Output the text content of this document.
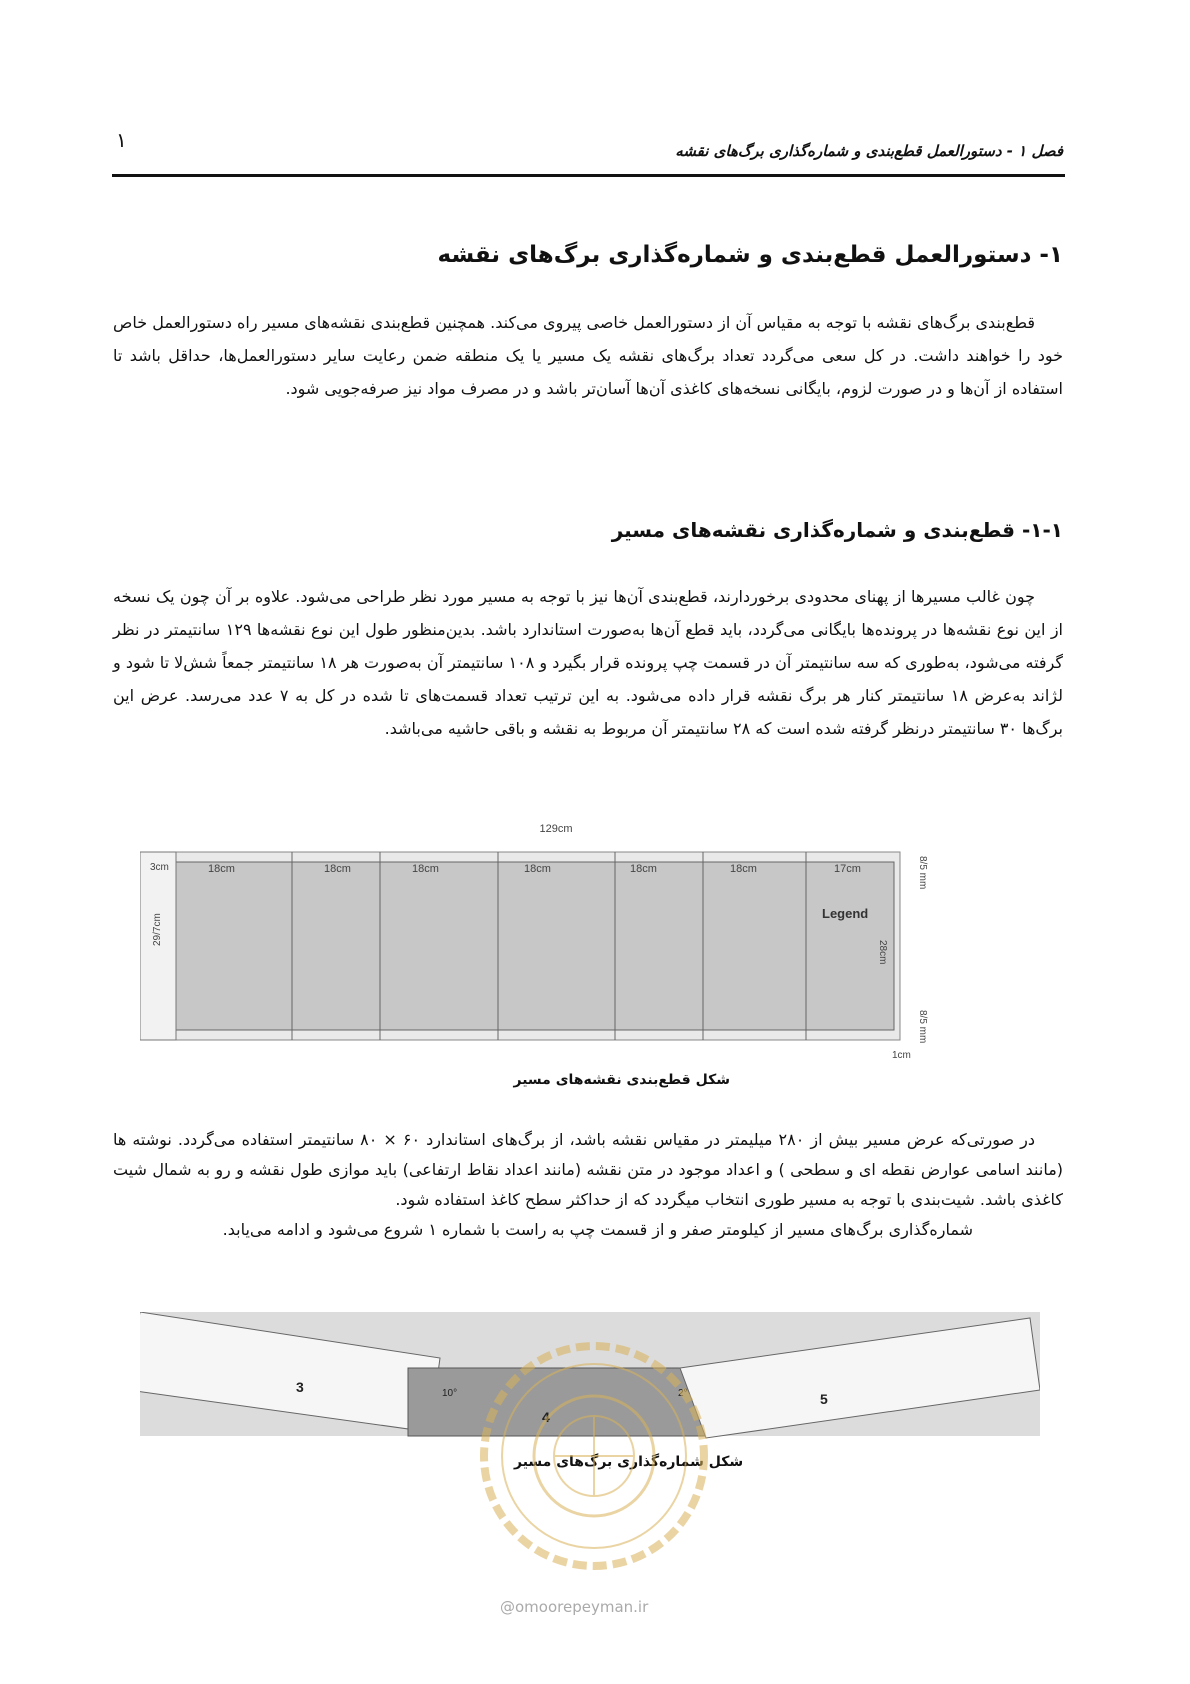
۱	فصل ۱ - دستورالعمل قطع‌بندی و شماره‌گذاری برگ‌های نقشه
۱- دستورالعمل قطع‌بندی و شماره‌گذاری برگ‌های نقشه

قطع‌بندی برگ‌های نقشه با توجه به مقیاس آن از دستورالعمل خاصی پیروی می‌کند. همچنین قطع‌بندی نقشه‌های مسیر راه دستورالعمل خاص خود را خواهند داشت. در کل سعی می‌گردد تعداد برگ‌های نقشه یک مسیر یا یک منطقه ضمن رعایت سایر دستورالعمل‌ها، حداقل باشد تا استفاده از آن‌ها و در صورت لزوم، بایگانی نسخه‌های کاغذی آن‌ها آسان‌تر باشد و در مصرف مواد نیز صرفه‌جویی شود.

۱-۱- قطع‌بندی و شماره‌گذاری نقشه‌های مسیر

چون غالب مسیرها از پهنای محدودی برخوردارند، قطع‌بندی آن‌ها نیز با توجه به مسیر مورد نظر طراحی می‌شود. علاوه بر آن چون یک نسخه از این نوع نقشه‌ها در پرونده‌ها بایگانی می‌گردد، باید قطع آن‌ها به‌صورت استاندارد باشد. بدین‌منظور طول این نوع نقشه‌ها ۱۲۹ سانتیمتر در نظر گرفته می‌شود، به‌طوری که سه سانتیمتر آن در قسمت چپ پرونده قرار بگیرد و ۱۰۸ سانتیمتر آن به‌صورت هر ۱۸ سانتیمتر جمعاً شش‌لا تا شود و لژاند به‌عرض ۱۸ سانتیمتر کنار هر برگ نقشه قرار داده می‌شود. به این ترتیب تعداد قسمت‌های تا شده در کل به ۷ عدد می‌رسد. عرض این برگ‌ها ۳۰ سانتیمتر درنظر گرفته شده است که ۲۸ سانتیمتر آن مربوط به نقشه و باقی حاشیه می‌باشد.

129cm
3cm
29/7cm
18cm	18cm	18cm	18cm	18cm	18cm	17cm
Legend
28cm
8/5 mm
8/5 mm
1cm
شکل قطع‌بندی نقشه‌های مسیر

در صورتی‌که عرض مسیر بیش از ۲۸۰ میلیمتر در مقیاس نقشه باشد، از برگ‌های استاندارد ۶۰ × ۸۰ سانتیمتر استفاده می‌گردد. نوشته ها (مانند اسامی عوارض نقطه ای و سطحی ) و اعداد موجود در متن نقشه (مانند اعداد نقاط ارتفاعی) باید موازی طول نقشه و رو به شمال شیت کاغذی باشد. شیت‌بندی با توجه به مسیر طوری انتخاب میگردد که از حداکثر سطح کاغذ استفاده شود.

شماره‌گذاری برگ‌های مسیر از کیلومتر صفر و از قسمت چپ به راست با شماره ۱ شروع می‌شود و ادامه می‌یابد.

3
4
5
10°	2°
شکل شماره‌گذاری برگ‌های مسیر
@omoorepeyman.ir
